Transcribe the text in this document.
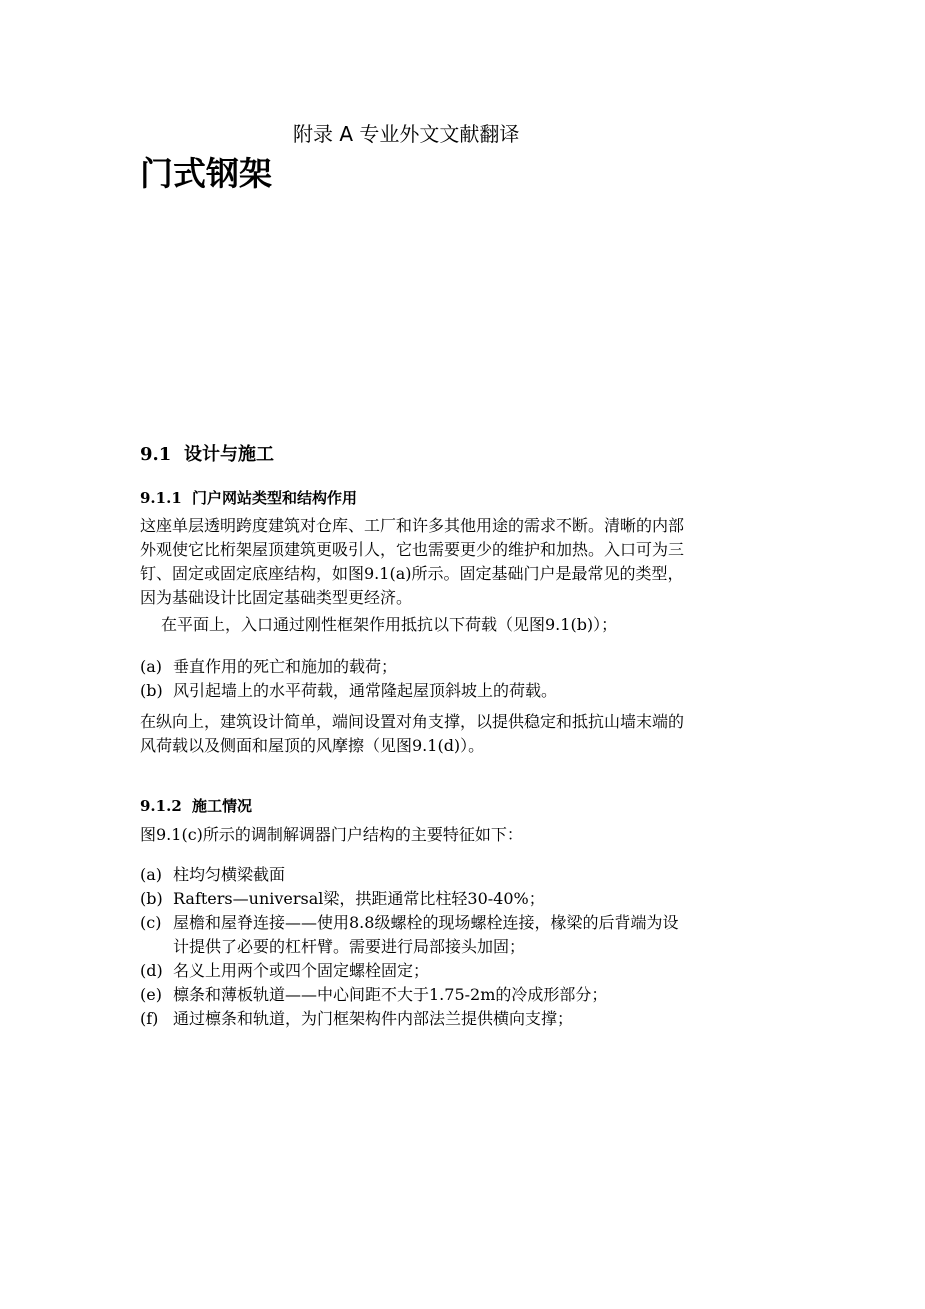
附录 A 专业外文文献翻译
门式钢架
9.1 设计与施工
9.1.1 门户网站类型和结构作用
这座单层透明跨度建筑对仓库、工厂和许多其他用途的需求不断。清晰的内部
外观使它比桁架屋顶建筑更吸引人，它也需要更少的维护和加热。入口可为三
钉、固定或固定底座结构，如图9.1(a)所示。固定基础门户是最常见的类型，
因为基础设计比固定基础类型更经济。
在平面上，入口通过刚性框架作用抵抗以下荷载（见图9.1(b)）；
(a) 垂直作用的死亡和施加的载荷；
(b) 风引起墙上的水平荷载，通常隆起屋顶斜坡上的荷载。
在纵向上，建筑设计简单，端间设置对角支撑，以提供稳定和抵抗山墙末端的
风荷载以及侧面和屋顶的风摩擦（见图9.1(d)）。
9.1.2 施工情况
图9.1(c)所示的调制解调器门户结构的主要特征如下：
(a) 柱均匀横梁截面
(b) Rafters—universal梁，拱距通常比柱轻30-40%；
(c) 屋檐和屋脊连接——使用8.8级螺栓的现场螺栓连接，椽梁的后背端为设
计提供了必要的杠杆臂。需要进行局部接头加固；
(d) 名义上用两个或四个固定螺栓固定；
(e) 檩条和薄板轨道——中心间距不大于1.75-2m的冷成形部分；
(f) 通过檩条和轨道，为门框架构件内部法兰提供横向支撑；
